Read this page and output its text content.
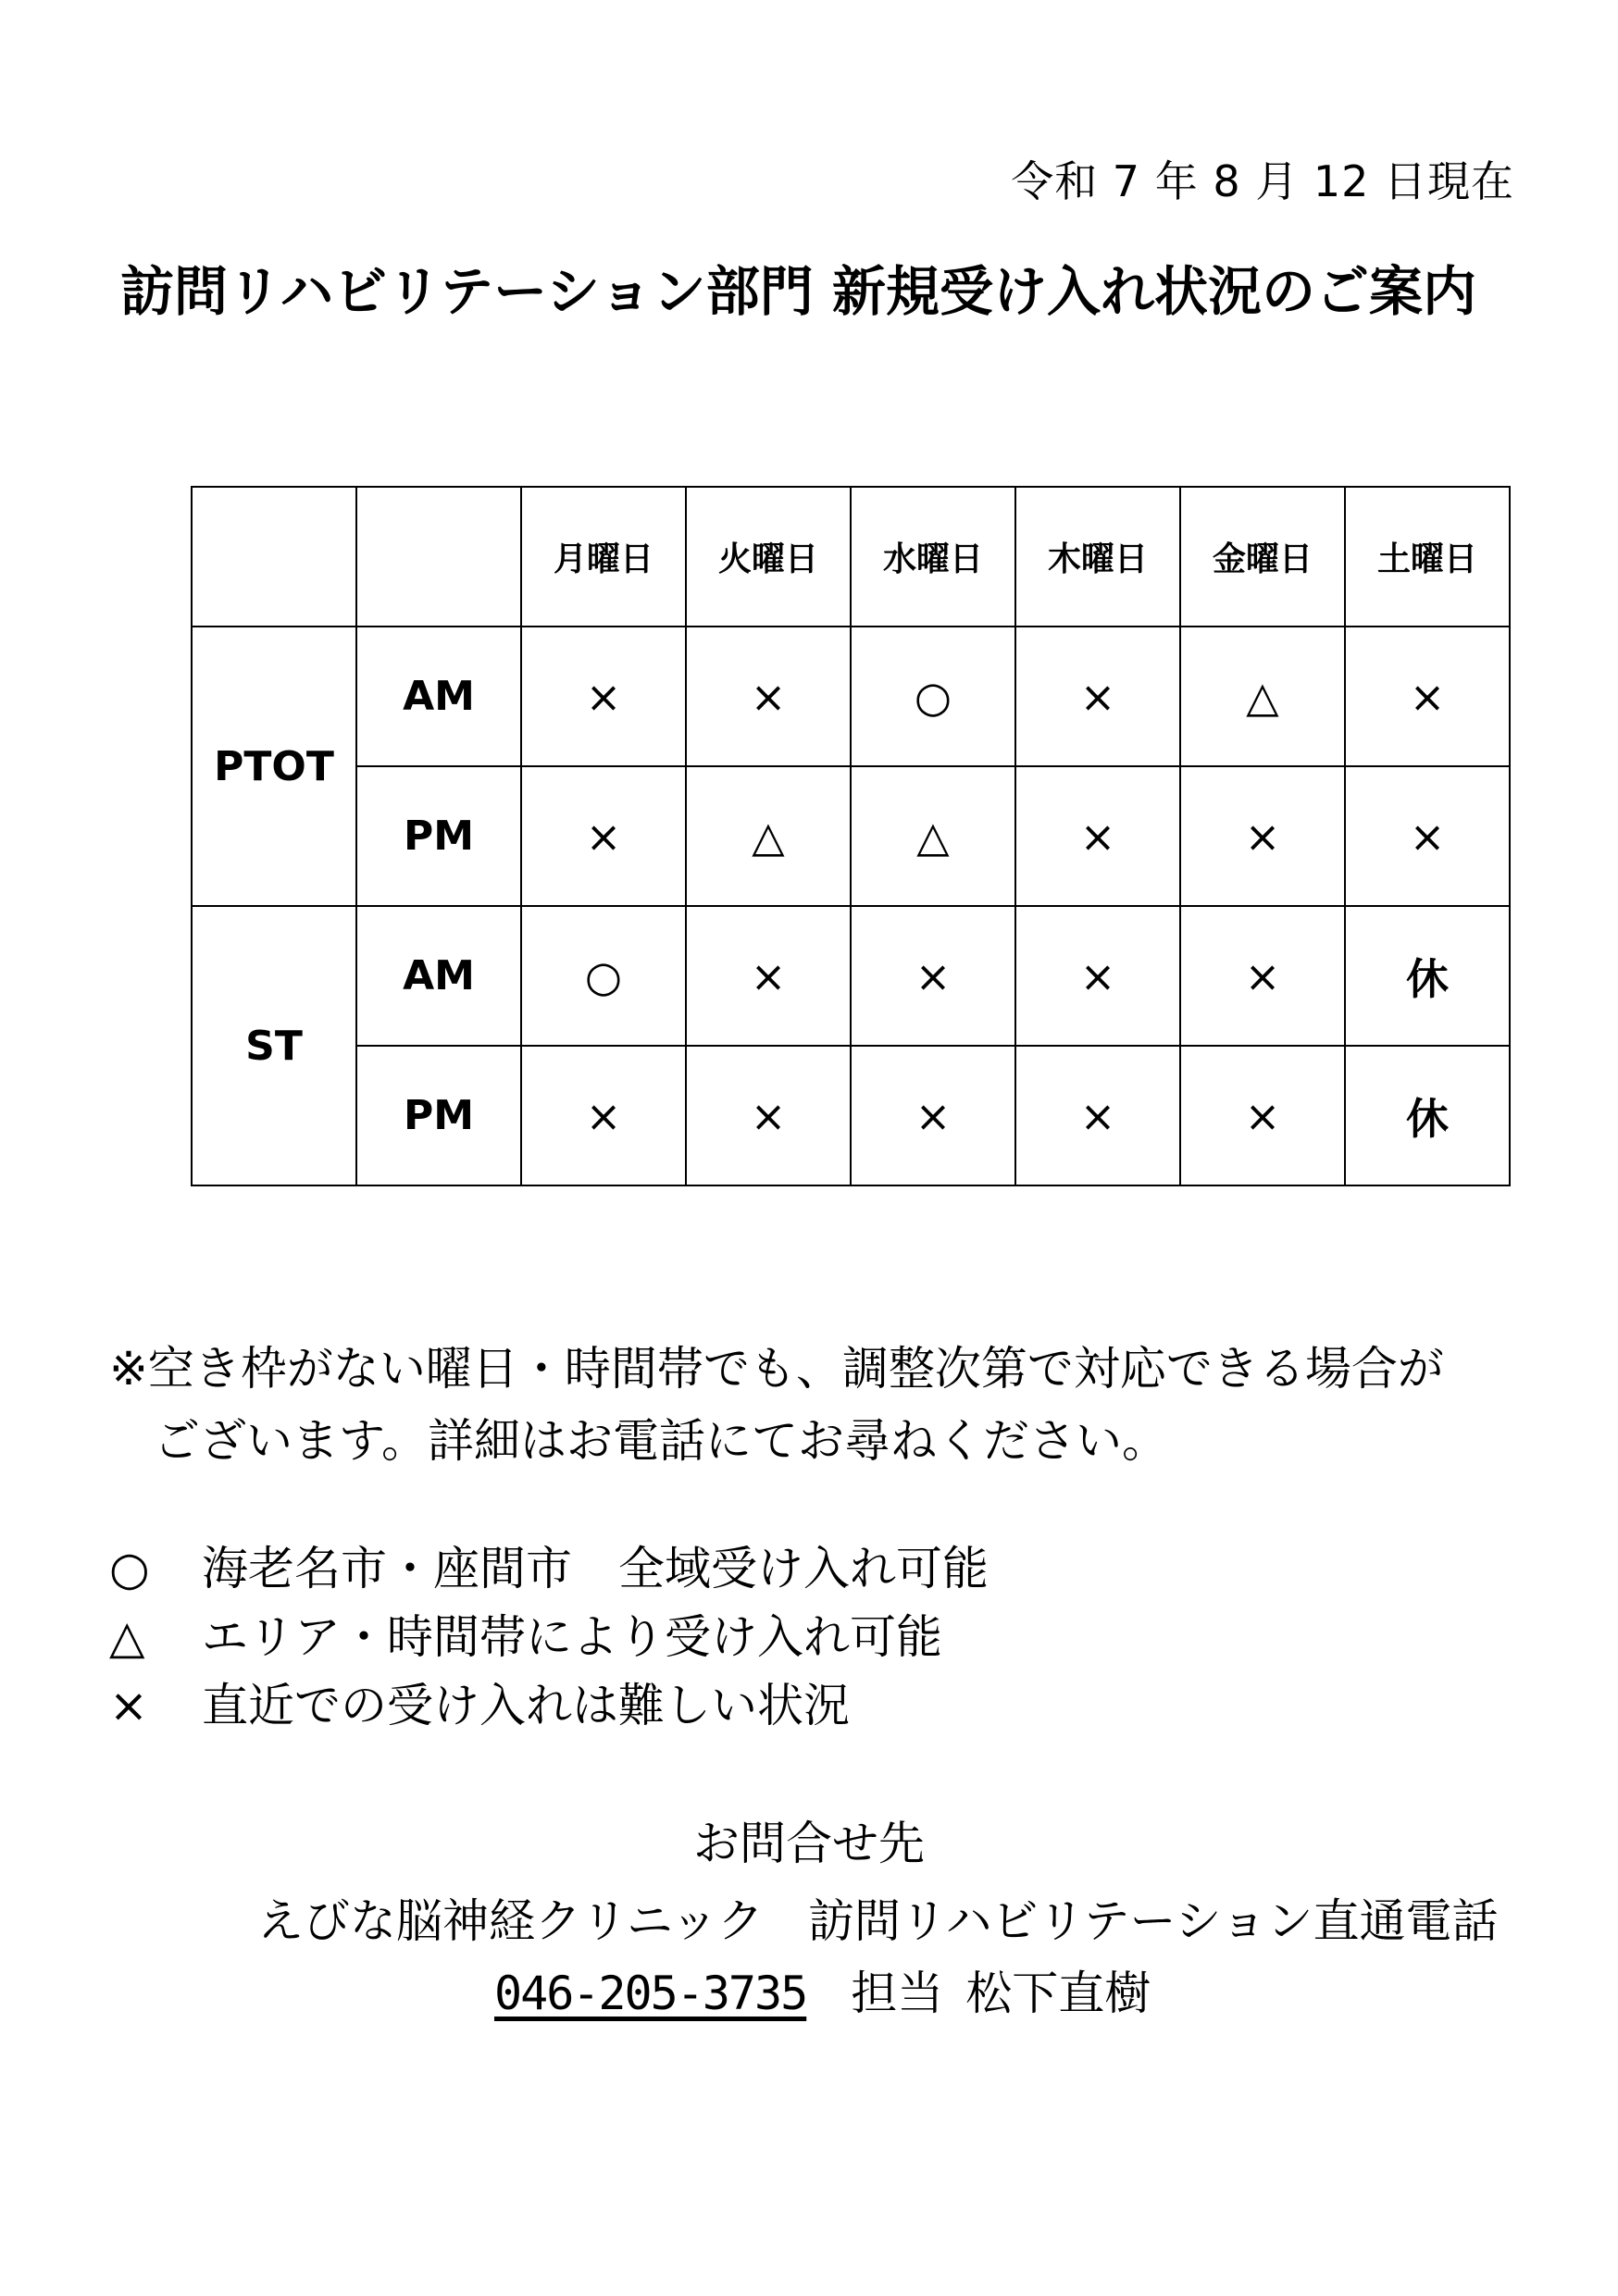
令和 7 年 8 月 12 日現在
訪問リハビリテーション部門 新規受け入れ状況のご案内
		月曜日	火曜日	水曜日	木曜日	金曜日	土曜日
PTOT	AM	×	×	○	×	△	×
	PM	×	△	△	×	×	×
ST	AM	○	×	×	×	×	休
	PM	×	×	×	×	×	休
※空き枠がない曜日・時間帯でも、調整次第で対応できる場合が
ございます。詳細はお電話にてお尋ねください。
○	海老名市・座間市　全域受け入れ可能
△	エリア・時間帯により受け入れ可能
×	直近での受け入れは難しい状況
お問合せ先
えびな脳神経クリニック 訪問リハビリテーション直通電話
046-205-3735 担当 松下直樹
